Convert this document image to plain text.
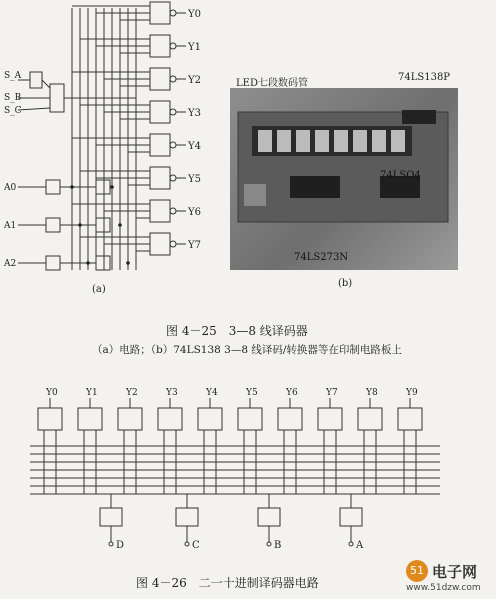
S_A
S_B
S_C
A0
A1
A2
Y0
Y1
Y2
Y3
Y4
Y5
Y6
Y7
(a)
LED七段数码管
74LS138P
74LSO4
74LS273N
(b)
图 4－25　3—8 线译码器
（a）电路；（b）74LS138 3—8 线译码/转换器等在印制电路板上
Y0	Y1	Y2	Y3	Y4	Y5	Y6	Y7	Y8	Y9
D	C	B	A
图 4－26　二一十进制译码器电路
51 电子网
www.51dzw.com
